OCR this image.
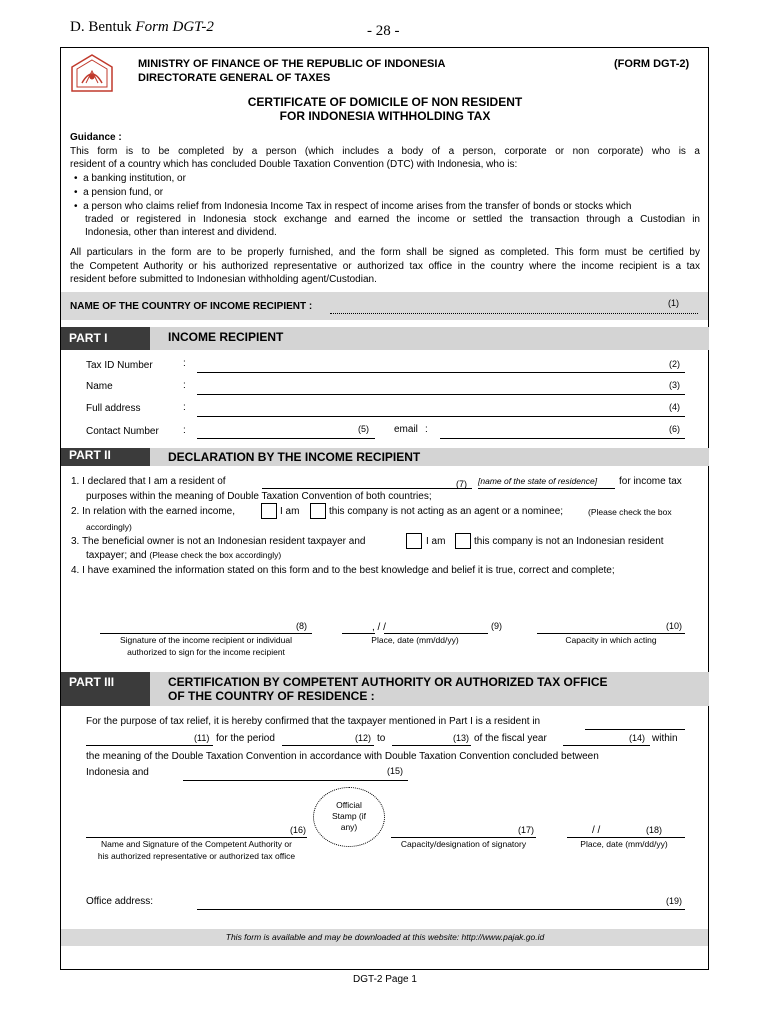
D. Bentuk Form DGT-2	- 28 -
MINISTRY OF FINANCE OF THE REPUBLIC OF INDONESIA
DIRECTORATE GENERAL OF TAXES
(FORM DGT-2)
CERTIFICATE OF DOMICILE OF NON RESIDENT
FOR INDONESIA WITHHOLDING TAX
Guidance :
This form is to be completed by a person (which includes a body of a person, corporate or non corporate) who is a
resident of a country which has concluded Double Taxation Convention (DTC) with Indonesia, who is:
•  a banking institution, or
•  a pension fund, or
•  a person who claims relief from Indonesia Income Tax in respect of income arises from the transfer of bonds or stocks which
traded or registered in Indonesia stock exchange and earned the income or settled the transaction through a Custodian in
Indonesia, other than interest and dividend.
All particulars in the form are to be properly furnished, and the form shall be signed as completed. This form must be certified by
the Competent Authority or his authorized representative or authorized tax office in the country where the income recipient is a tax
resident before submitted to Indonesian withholding agent/Custodian.
NAME OF THE COUNTRY OF INCOME RECIPIENT :	(1)
PART I	INCOME RECIPIENT
Tax ID Number	:	(2)
Name	:	(3)
Full address	:	(4)
Contact Number :	(5)	email :	(6)
PART II	DECLARATION BY THE INCOME RECIPIENT
1. I declared that I am a resident of	(7) [name of the state of residence] for income tax
purposes within the meaning of Double Taxation Convention of both countries;
2. In relation with the earned income,	I am	this company is not acting as an agent or a nominee;	(Please check the box
accordingly)
3. The beneficial owner is not an Indonesian resident taxpayer and	I am	this company is not an Indonesian resident
taxpayer; and (Please check the box accordingly)
4. I have examined the information stated on this form and to the best knowledge and belief it is true, correct and complete;
(8)
Signature of the income recipient or individual
authorized to sign for the income recipient
, / /	(9)
Place, date (mm/dd/yy)
(10)
Capacity in which acting
PART III	CERTIFICATION BY COMPETENT AUTHORITY OR AUTHORIZED TAX OFFICE
OF THE COUNTRY OF RESIDENCE :
For the purpose of tax relief, it is hereby confirmed that the taxpayer mentioned in Part I is a resident in
(11) for the period	(12) to	(13) of the fiscal year	(14) within
the meaning of the Double Taxation Convention in accordance with Double Taxation Convention concluded between
Indonesia and	(15)
Official
Stamp (if
any)
(16)
Name and Signature of the Competent Authority or
his authorized representative or authorized tax office
(17)
Capacity/designation of signatory
/ /	(18)
Place, date (mm/dd/yy)
Office address:	(19)
This form is available and may be downloaded at this website: http://www.pajak.go.id
DGT-2 Page 1
